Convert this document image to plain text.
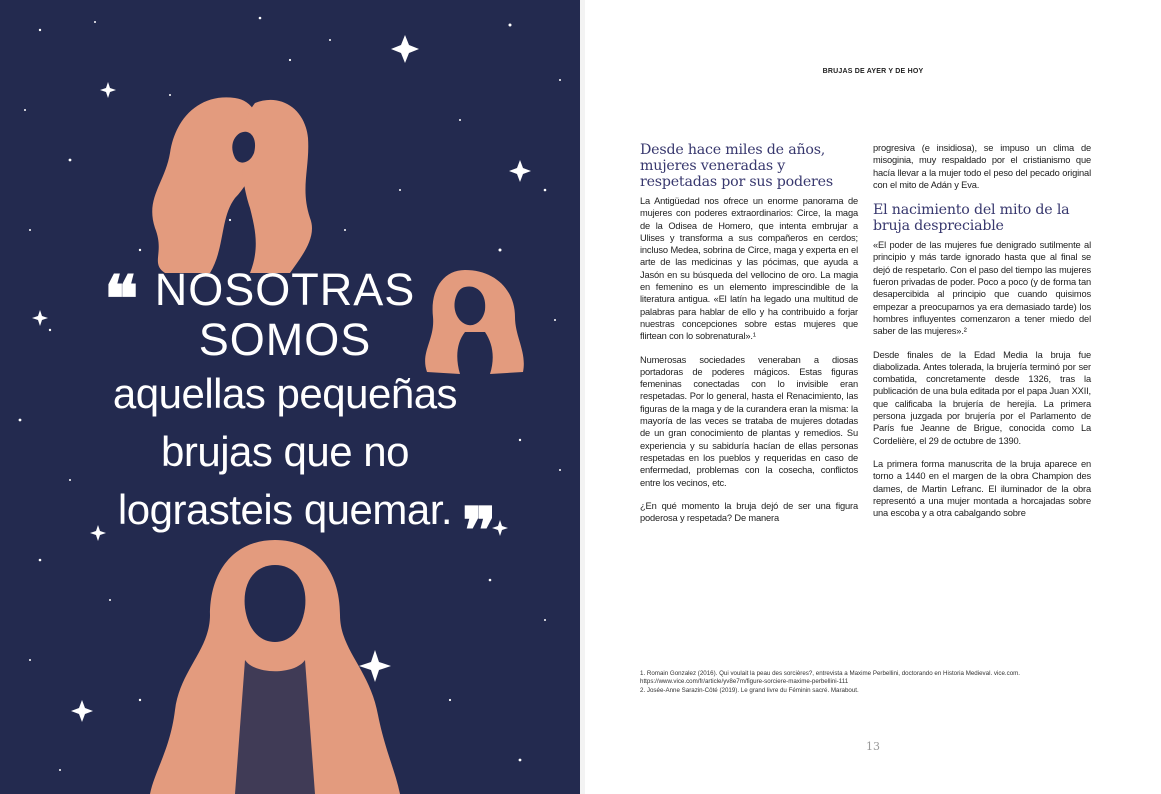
❝
❞
NOSOTRAS
SOMOS
aquellas pequeñas
brujas que no
lograsteis quemar.
BRUJAS DE AYER Y DE HOY
Desde hace miles de años, mujeres veneradas y respetadas por sus poderes

La Antigüedad nos ofrece un enorme panorama de mujeres con poderes extraordinarios: Circe, la maga de la Odisea de Homero, que intenta embrujar a Ulises y transforma a sus compañeros en cerdos; incluso Medea, sobrina de Circe, maga y experta en el arte de las medicinas y las pócimas, que ayuda a Jasón en su búsqueda del vellocino de oro. La magia en femenino es un elemento imprescindible de la literatura antigua. «El latín ha legado una multitud de palabras para hablar de ello y ha contribuido a forjar nuestras concepciones sobre estas mujeres que flirtean con lo sobrenatural».¹

Numerosas sociedades veneraban a diosas portadoras de poderes mágicos. Estas figuras femeninas conectadas con lo invisible eran respetadas. Por lo general, hasta el Renacimiento, las figuras de la maga y de la curandera eran la misma: la mayoría de las veces se trataba de mujeres dotadas de un gran conocimiento de plantas y remedios. Su experiencia y su sabiduría hacían de ellas personas respetadas en los pueblos y requeridas en caso de enfermedad, problemas con la cosecha, conflictos entre los vecinos, etc.

¿En qué momento la bruja dejó de ser una figura poderosa y respetada? De manera

progresiva (e insidiosa), se impuso un clima de misoginia, muy respaldado por el cristianismo que hacía llevar a la mujer todo el peso del pecado original con el mito de Adán y Eva.

El nacimiento del mito de la bruja despreciable

«El poder de las mujeres fue denigrado sutilmente al principio y más tarde ignorado hasta que al final se dejó de respetarlo. Con el paso del tiempo las mujeres fueron privadas de poder. Poco a poco (y de forma tan desapercibida al principio que cuando quisimos empezar a preocuparnos ya era demasiado tarde) los hombres influyentes comenzaron a tener miedo del saber de las mujeres».²

Desde finales de la Edad Media la bruja fue diabolizada. Antes tolerada, la brujería terminó por ser combatida, concretamente desde 1326, tras la publicación de una bula editada por el papa Juan XXII, que calificaba la brujería de herejía. La primera persona juzgada por brujería por el Parlamento de París fue Jeanne de Brigue, conocida como La Cordelière, el 29 de octubre de 1390.

La primera forma manuscrita de la bruja aparece en torno a 1440 en el margen de la obra Champion des dames, de Martin Lefranc. El iluminador de la obra representó a una mujer montada a horcajadas sobre una escoba y a otra cabalgando sobre

1. Romain Gonzalez (2016). Qui voulait la peau des sorcières?, entrevista a Maxime Perbellini, doctorando en Historia Medieval. vice.com. https://www.vice.com/fr/article/yv8e7m/figure-sorciere-maxime-perbellini-111
2. Josée-Anne Sarazin-Côté (2019). Le grand livre du Féminin sacré. Marabout.
13
